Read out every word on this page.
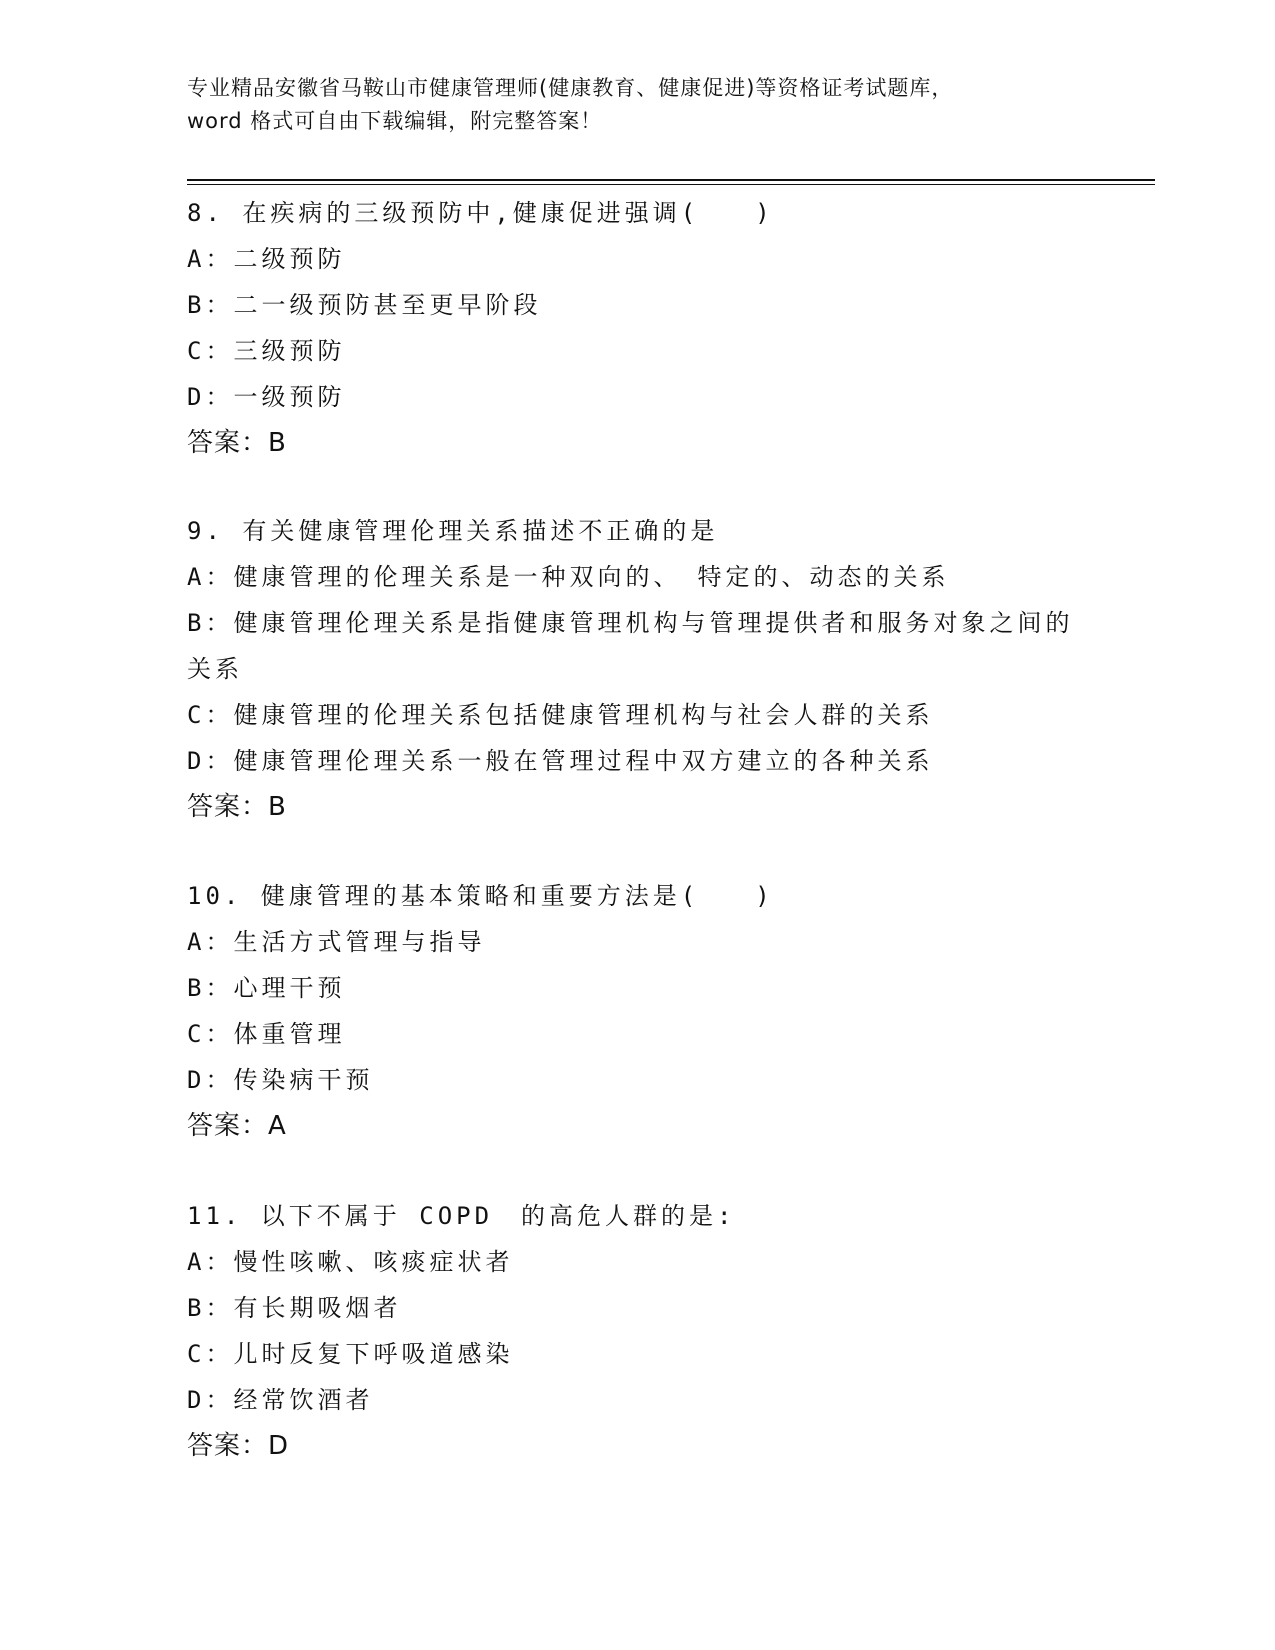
专业精品安徽省马鞍山市健康管理师(健康教育、健康促进)等资格证考试题库，
word 格式可自由下载编辑，附完整答案！
8. 在疾病的三级预防中,健康促进强调(　　)
A：二级预防
B：二一级预防甚至更早阶段
C：三级预防
D：一级预防
答案：B
9. 有关健康管理伦理关系描述不正确的是
A：健康管理的伦理关系是一种双向的、　特定的、动态的关系
B：健康管理伦理关系是指健康管理机构与管理提供者和服务对象之间的关系
C：健康管理的伦理关系包括健康管理机构与社会人群的关系
D：健康管理伦理关系一般在管理过程中双方建立的各种关系
答案：B
10. 健康管理的基本策略和重要方法是(　　)
A：生活方式管理与指导
B：心理干预
C：体重管理
D：传染病干预
答案：A
11. 以下不属于 COPD　的高危人群的是:
A：慢性咳嗽、咳痰症状者
B：有长期吸烟者
C：儿时反复下呼吸道感染
D：经常饮酒者
答案：D
